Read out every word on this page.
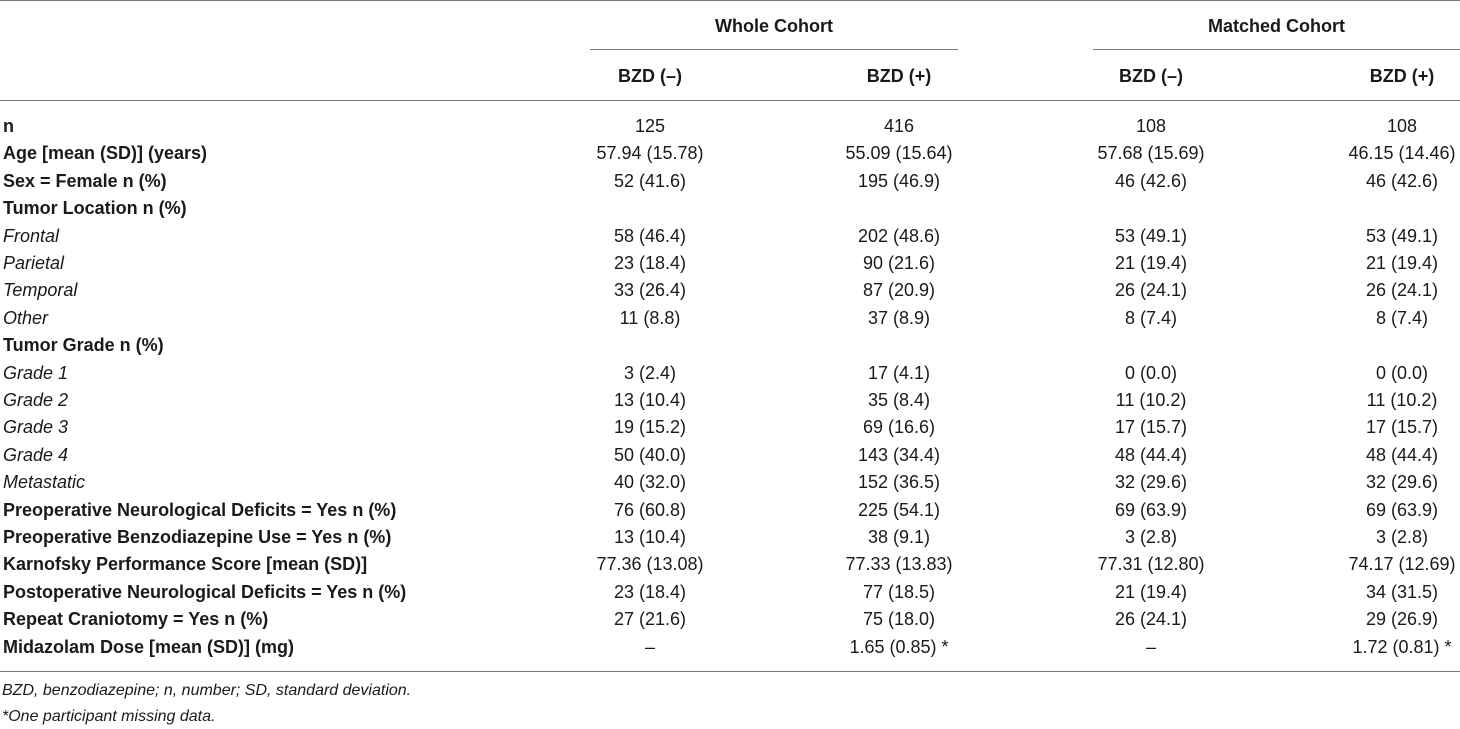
Whole Cohort	Matched Cohort
BZD (–)	BZD (+)	BZD (–)	BZD (+)
n	125	416	108	108
Age [mean (SD)] (years)	57.94 (15.78)	55.09 (15.64)	57.68 (15.69)	46.15 (14.46)
Sex = Female n (%)	52 (41.6)	195 (46.9)	46 (42.6)	46 (42.6)
Tumor Location n (%)
Frontal	58 (46.4)	202 (48.6)	53 (49.1)	53 (49.1)
Parietal	23 (18.4)	90 (21.6)	21 (19.4)	21 (19.4)
Temporal	33 (26.4)	87 (20.9)	26 (24.1)	26 (24.1)
Other	11 (8.8)	37 (8.9)	8 (7.4)	8 (7.4)
Tumor Grade n (%)
Grade 1	3 (2.4)	17 (4.1)	0 (0.0)	0 (0.0)
Grade 2	13 (10.4)	35 (8.4)	11 (10.2)	11 (10.2)
Grade 3	19 (15.2)	69 (16.6)	17 (15.7)	17 (15.7)
Grade 4	50 (40.0)	143 (34.4)	48 (44.4)	48 (44.4)
Metastatic	40 (32.0)	152 (36.5)	32 (29.6)	32 (29.6)
Preoperative Neurological Deficits = Yes n (%)	76 (60.8)	225 (54.1)	69 (63.9)	69 (63.9)
Preoperative Benzodiazepine Use = Yes n (%)	13 (10.4)	38 (9.1)	3 (2.8)	3 (2.8)
Karnofsky Performance Score [mean (SD)]	77.36 (13.08)	77.33 (13.83)	77.31 (12.80)	74.17 (12.69)
Postoperative Neurological Deficits = Yes n (%)	23 (18.4)	77 (18.5)	21 (19.4)	34 (31.5)
Repeat Craniotomy = Yes n (%)	27 (21.6)	75 (18.0)	26 (24.1)	29 (26.9)
Midazolam Dose [mean (SD)] (mg)	–	1.65 (0.85) *	–	1.72 (0.81) *
BZD, benzodiazepine; n, number; SD, standard deviation.
*One participant missing data.
